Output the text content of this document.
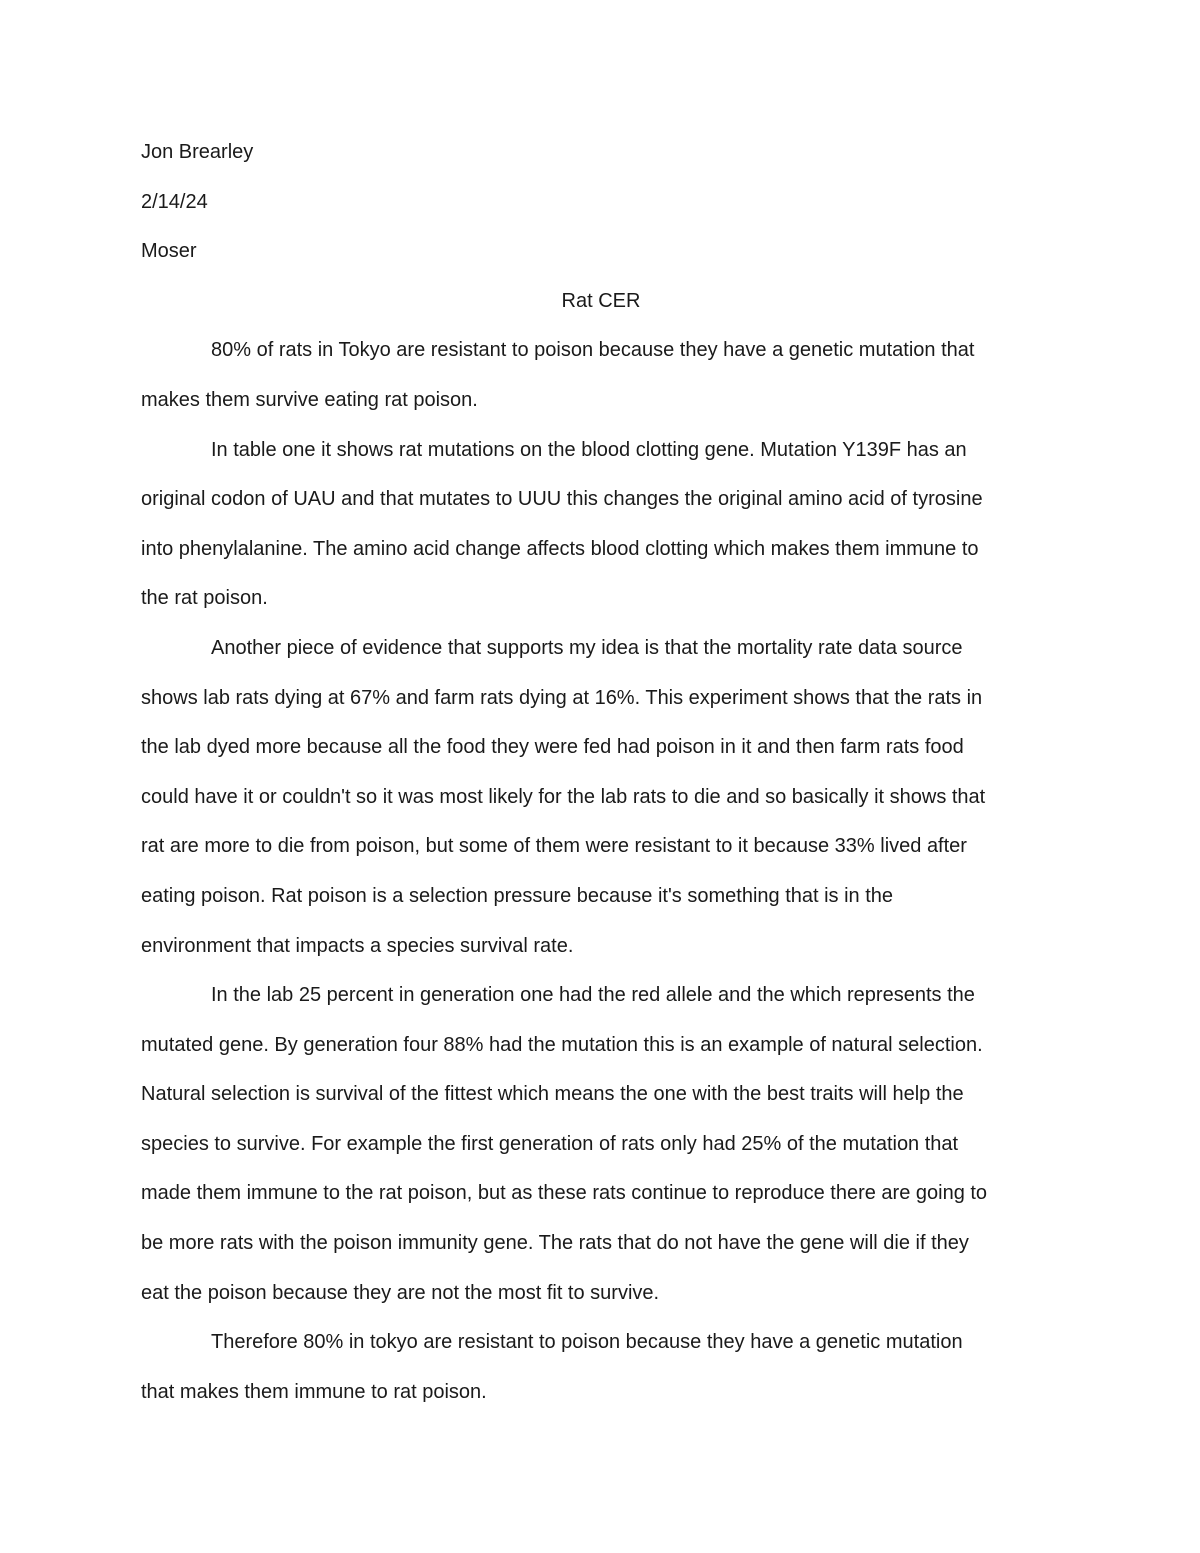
Jon Brearley

2/14/24

Moser

Rat CER

80% of rats in Tokyo are resistant to poison because they have a genetic mutation that

makes them survive eating rat poison.

In table one it shows rat mutations on the blood clotting gene. Mutation Y139F has an

original codon of UAU and that mutates to UUU this changes the original amino acid of tyrosine

into phenylalanine. The amino acid change affects blood clotting which makes them immune to

the rat poison.

Another piece of evidence that supports my idea is that the mortality rate data source

shows lab rats dying at 67% and farm rats dying at 16%. This experiment shows that the rats in

the lab dyed more because all the food they were fed had poison in it and then farm rats food

could have it or couldn't so it was most likely for the lab rats to die and so basically it shows that

rat are more to die from poison, but some of them were resistant to it because 33% lived after

eating poison. Rat poison is a selection pressure because it's something that is in the

environment that impacts a species survival rate.

In the lab 25 percent in generation one had the red allele and the which represents the

mutated gene. By generation four 88% had the mutation this is an example of natural selection.

Natural selection is survival of the fittest which means the one with the best traits will help the

species to survive. For example the first generation of rats only had 25% of the mutation that

made them immune to the rat poison, but as these rats continue to reproduce there are going to

be more rats with the poison immunity gene. The rats that do not have the gene will die if they

eat the poison because they are not the most fit to survive.

Therefore 80% in tokyo are resistant to poison because they have a genetic mutation

that makes them immune to rat poison.
